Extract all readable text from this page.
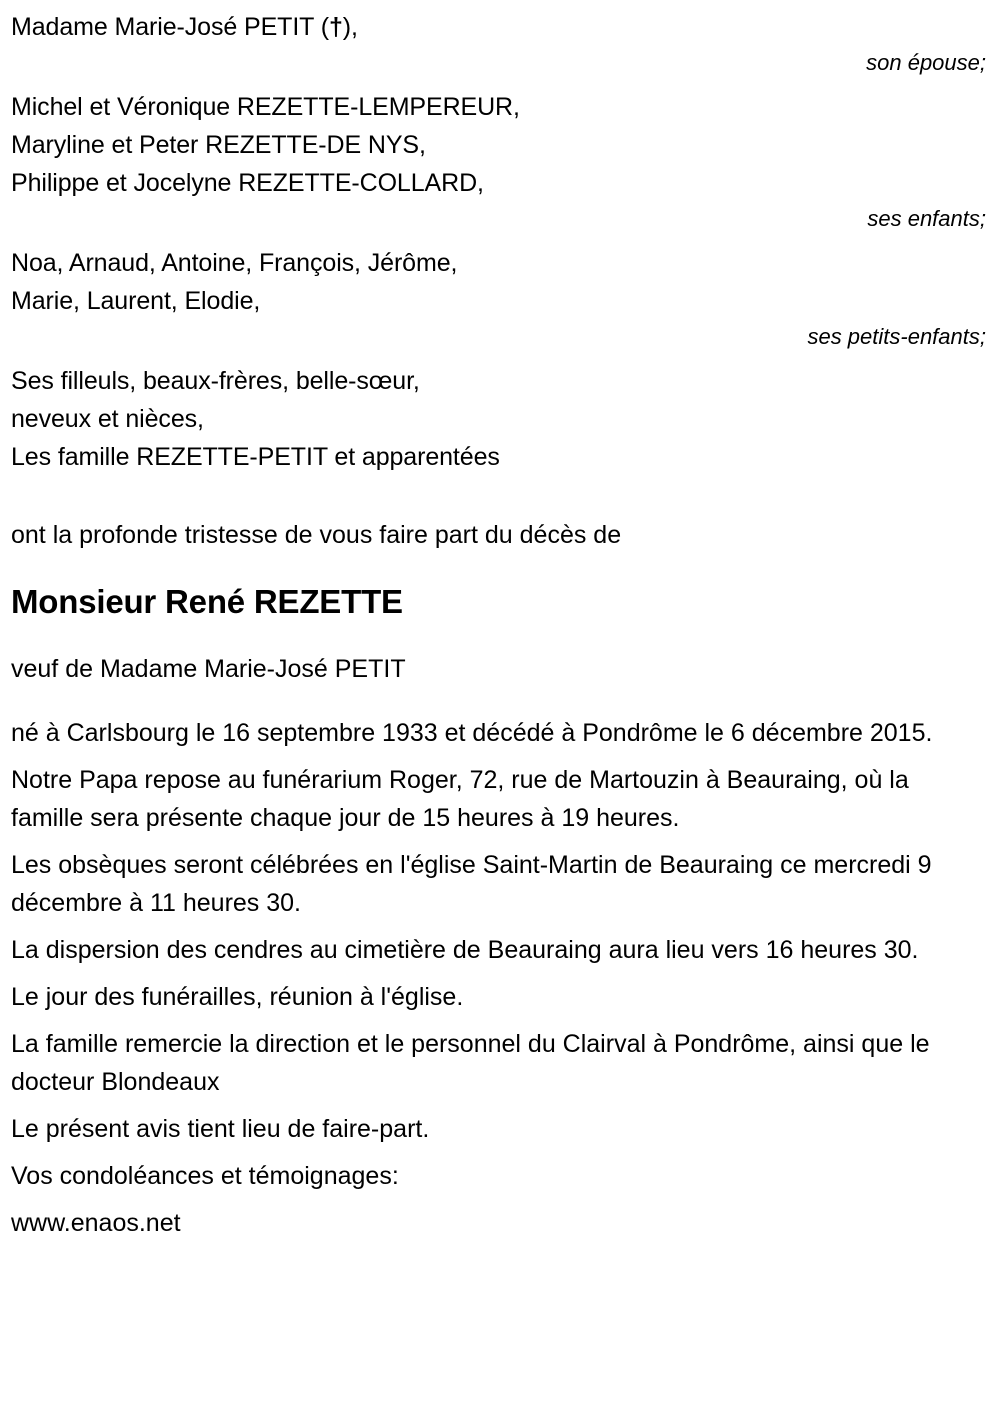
Madame Marie-José PETIT (†),
son épouse;
Michel et Véronique REZETTE-LEMPEREUR,
Maryline et Peter REZETTE-DE NYS,
Philippe et Jocelyne REZETTE-COLLARD,
ses enfants;
Noa, Arnaud, Antoine, François, Jérôme,
Marie, Laurent, Elodie,
ses petits-enfants;
Ses filleuls, beaux-frères, belle-sœur,
neveux et nièces,
Les famille REZETTE-PETIT et apparentées

ont la profonde tristesse de vous faire part du décès de

Monsieur René REZETTE

veuf de Madame Marie-José PETIT

né à Carlsbourg le 16 septembre 1933 et décédé à Pondrôme le 6 décembre 2015.

Notre Papa repose au funérarium Roger, 72, rue de Martouzin à Beauraing, où la famille sera présente chaque jour de 15 heures à 19 heures.

Les obsèques seront célébrées en l'église Saint-Martin de Beauraing ce mercredi 9 décembre à 11 heures 30.

La dispersion des cendres au cimetière de Beauraing aura lieu vers 16 heures 30.

Le jour des funérailles, réunion à l'église.

La famille remercie la direction et le personnel du Clairval à Pondrôme, ainsi que le docteur Blondeaux

Le présent avis tient lieu de faire-part.

Vos condoléances et témoignages:

www.enaos.net
